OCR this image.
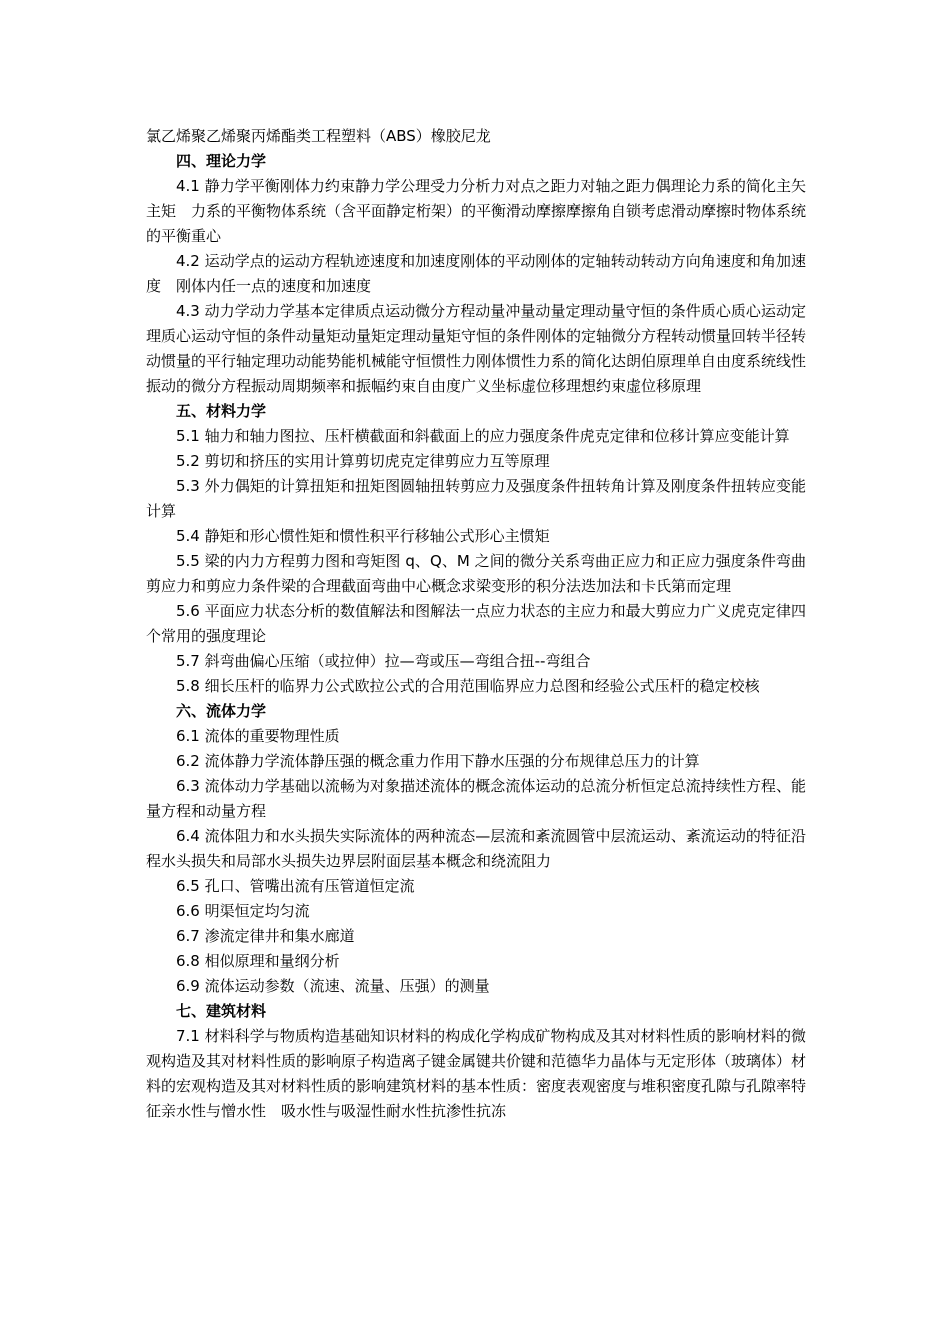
氯乙烯聚乙烯聚丙烯酯类工程塑料（ABS）橡胶尼龙

四、理论力学

4.1 静力学平衡刚体力约束静力学公理受力分析力对点之距力对轴之距力偶理论力系的简化主矢主矩　力系的平衡物体系统（含平面静定桁架）的平衡滑动摩擦摩擦角自锁考虑滑动摩擦时物体系统的平衡重心

4.2 运动学点的运动方程轨迹速度和加速度刚体的平动刚体的定轴转动转动方向角速度和角加速度　刚体内任一点的速度和加速度

4.3 动力学动力学基本定律质点运动微分方程动量冲量动量定理动量守恒的条件质心质心运动定理质心运动守恒的条件动量矩动量矩定理动量矩守恒的条件刚体的定轴微分方程转动惯量回转半径转动惯量的平行轴定理功动能势能机械能守恒惯性力刚体惯性力系的简化达朗伯原理单自由度系统线性振动的微分方程振动周期频率和振幅约束自由度广义坐标虚位移理想约束虚位移原理

五、材料力学

5.1 轴力和轴力图拉、压杆横截面和斜截面上的应力强度条件虎克定律和位移计算应变能计算

5.2 剪切和挤压的实用计算剪切虎克定律剪应力互等原理

5.3 外力偶矩的计算扭矩和扭矩图圆轴扭转剪应力及强度条件扭转角计算及刚度条件扭转应变能计算

5.4 静矩和形心惯性矩和惯性积平行移轴公式形心主惯矩

5.5 梁的内力方程剪力图和弯矩图 q、Q、M 之间的微分关系弯曲正应力和正应力强度条件弯曲剪应力和剪应力条件梁的合理截面弯曲中心概念求梁变形的积分法迭加法和卡氏第而定理

5.6 平面应力状态分析的数值解法和图解法一点应力状态的主应力和最大剪应力广义虎克定律四个常用的强度理论

5.7 斜弯曲偏心压缩（或拉伸）拉—弯或压—弯组合扭--弯组合

5.8 细长压杆的临界力公式欧拉公式的合用范围临界应力总图和经验公式压杆的稳定校核

六、流体力学

6.1 流体的重要物理性质

6.2 流体静力学流体静压强的概念重力作用下静水压强的分布规律总压力的计算

6.3 流体动力学基础以流畅为对象描述流体的概念流体运动的总流分析恒定总流持续性方程、能量方程和动量方程

6.4 流体阻力和水头损失实际流体的两种流态—层流和紊流圆管中层流运动、紊流运动的特征沿程水头损失和局部水头损失边界层附面层基本概念和绕流阻力

6.5 孔口、管嘴出流有压管道恒定流

6.6 明渠恒定均匀流

6.7 渗流定律井和集水廊道

6.8 相似原理和量纲分析

6.9 流体运动参数（流速、流量、压强）的测量

七、建筑材料

7.1 材料科学与物质构造基础知识材料的构成化学构成矿物构成及其对材料性质的影响材料的微观构造及其对材料性质的影响原子构造离子键金属键共价键和范德华力晶体与无定形体（玻璃体）材料的宏观构造及其对材料性质的影响建筑材料的基本性质：密度表观密度与堆积密度孔隙与孔隙率特征亲水性与憎水性　吸水性与吸湿性耐水性抗渗性抗冻
